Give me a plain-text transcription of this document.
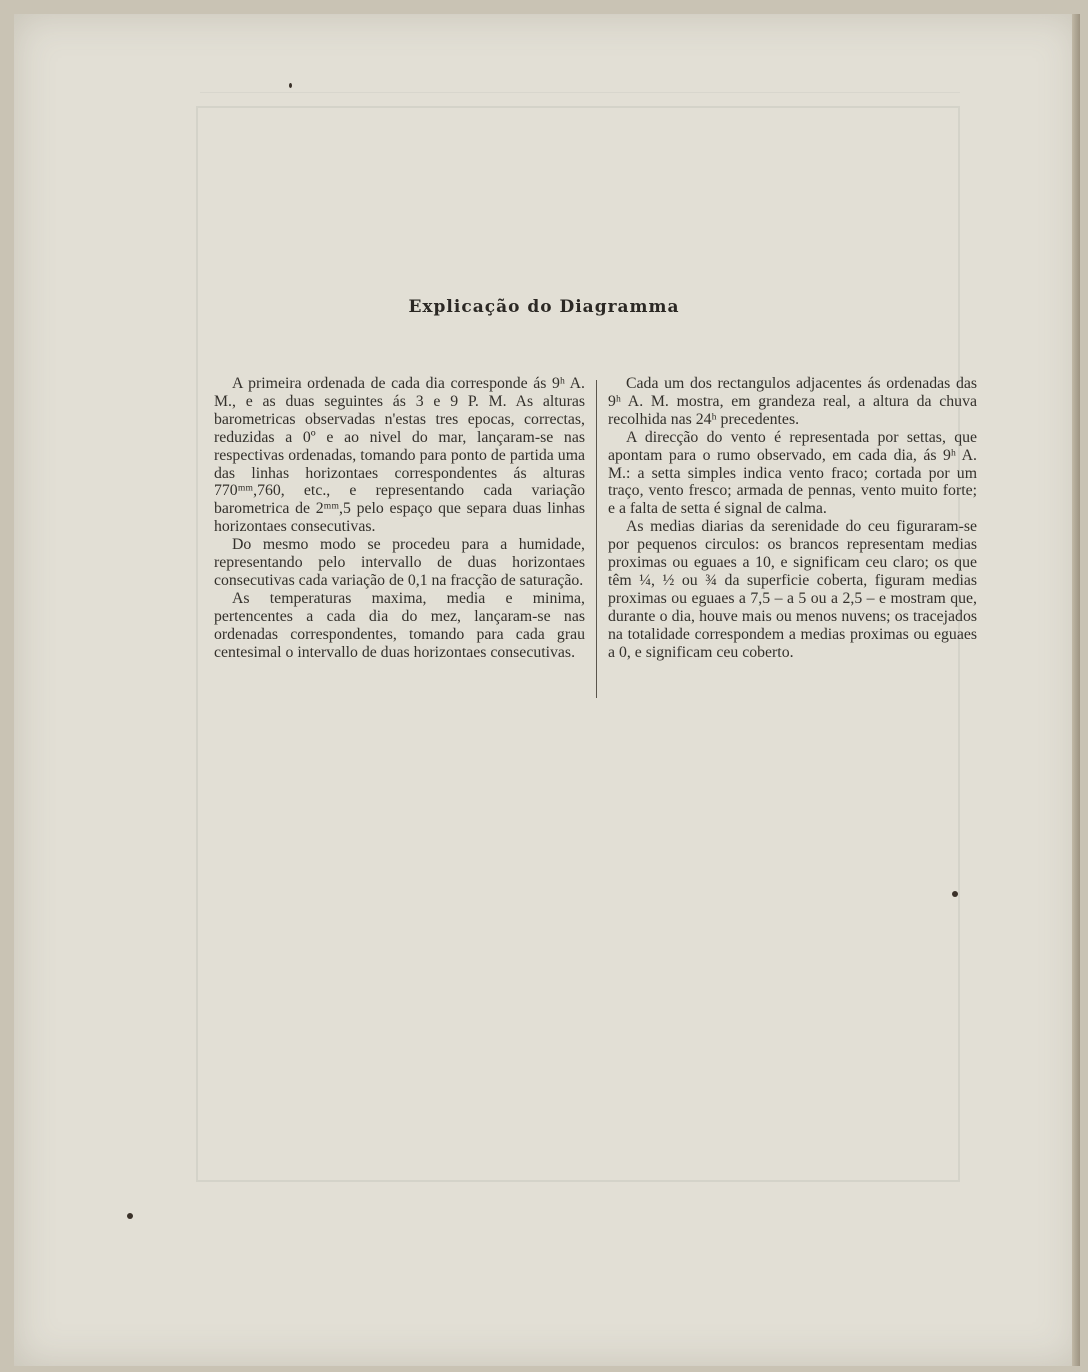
Explicação do Diagramma

A primeira ordenada de cada dia corresponde ás 9ʰ A. M., e as duas seguintes ás 3 e 9 P. M. As alturas barometricas observadas n'estas tres epocas, correctas, reduzidas a 0º e ao nivel do mar, lançaram-se nas respectivas ordenadas, tomando para ponto de partida uma das linhas horizontaes correspondentes ás alturas 770ᵐᵐ,760, etc., e representando cada variação barometrica de 2ᵐᵐ,5 pelo espaço que separa duas linhas horizontaes consecutivas.

Do mesmo modo se procedeu para a humidade, representando pelo intervallo de duas horizontaes consecutivas cada variação de 0,1 na fracção de saturação.

As temperaturas maxima, media e minima, pertencentes a cada dia do mez, lançaram-se nas ordenadas correspondentes, tomando para cada grau centesimal o intervallo de duas horizontaes consecutivas.

Cada um dos rectangulos adjacentes ás ordenadas das 9ʰ A. M. mostra, em grandeza real, a altura da chuva recolhida nas 24ʰ precedentes.

A direcção do vento é representada por settas, que apontam para o rumo observado, em cada dia, ás 9ʰ A. M.: a setta simples indica vento fraco; cortada por um traço, vento fresco; armada de pennas, vento muito forte; e a falta de setta é signal de calma.

As medias diarias da serenidade do ceu figuraram-se por pequenos circulos: os brancos representam medias proximas ou eguaes a 10, e significam ceu claro; os que têm ¼, ½ ou ¾ da superficie coberta, figuram medias proximas ou eguaes a 7,5 – a 5 ou a 2,5 – e mostram que, durante o dia, houve mais ou menos nuvens; os tracejados na totalidade correspondem a medias proximas ou eguaes a 0, e significam ceu coberto.
